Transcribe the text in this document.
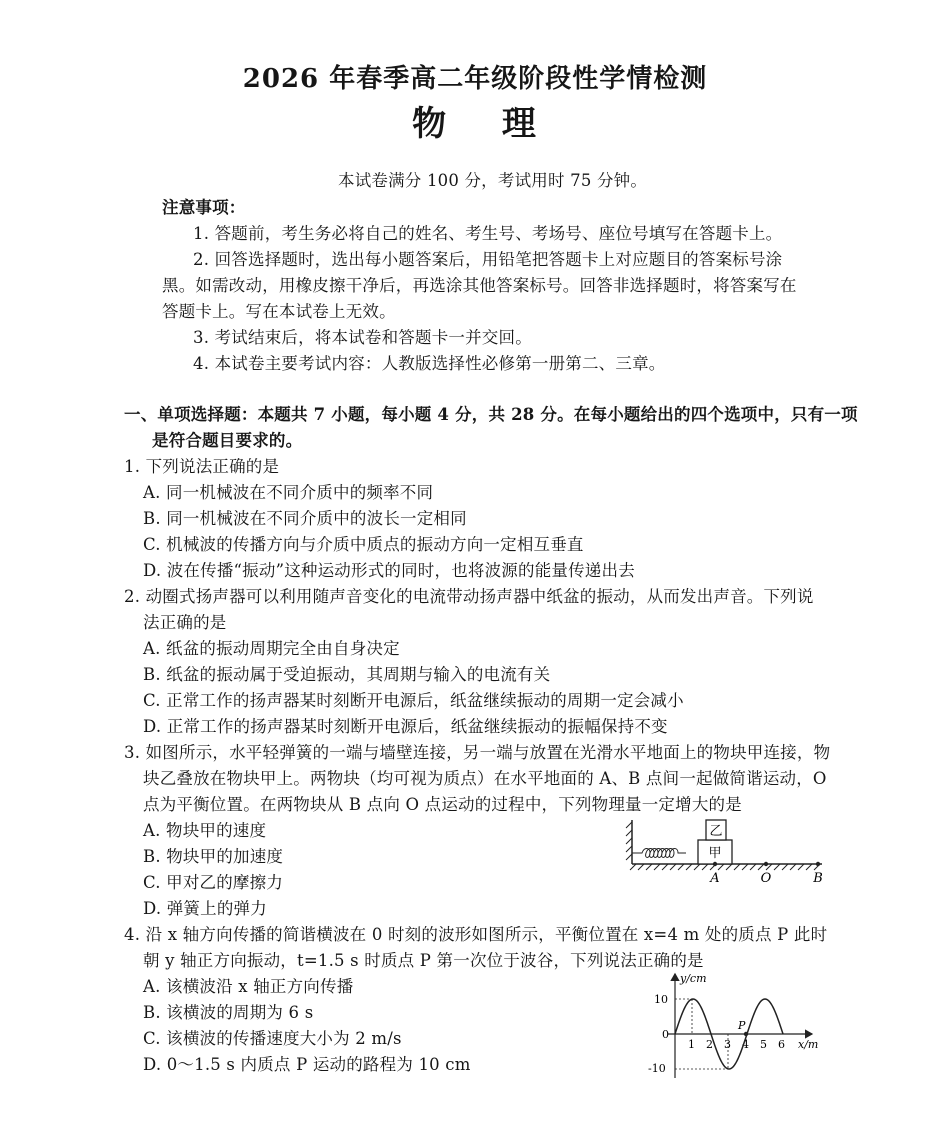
2026 年春季高二年级阶段性学情检测
物 理
本试卷满分 100 分，考试用时 75 分钟。
注意事项：
1. 答题前，考生务必将自己的姓名、考生号、考场号、座位号填写在答题卡上。
2. 回答选择题时，选出每小题答案后，用铅笔把答题卡上对应题目的答案标号涂
黑。如需改动，用橡皮擦干净后，再选涂其他答案标号。回答非选择题时，将答案写在
答题卡上。写在本试卷上无效。
3. 考试结束后，将本试卷和答题卡一并交回。
4. 本试卷主要考试内容：人教版选择性必修第一册第二、三章。
一、单项选择题：本题共 7 小题，每小题 4 分，共 28 分。在每小题给出的四个选项中，只有一项
是符合题目要求的。
1. 下列说法正确的是
A. 同一机械波在不同介质中的频率不同
B. 同一机械波在不同介质中的波长一定相同
C. 机械波的传播方向与介质中质点的振动方向一定相互垂直
D. 波在传播“振动”这种运动形式的同时，也将波源的能量传递出去
2. 动圈式扬声器可以利用随声音变化的电流带动扬声器中纸盆的振动，从而发出声音。下列说
法正确的是
A. 纸盆的振动周期完全由自身决定
B. 纸盆的振动属于受迫振动，其周期与输入的电流有关
C. 正常工作的扬声器某时刻断开电源后，纸盆继续振动的周期一定会减小
D. 正常工作的扬声器某时刻断开电源后，纸盆继续振动的振幅保持不变
3. 如图所示，水平轻弹簧的一端与墙壁连接，另一端与放置在光滑水平地面上的物块甲连接，物
块乙叠放在物块甲上。两物块（均可视为质点）在水平地面的 A、B 点间一起做简谐运动，O
点为平衡位置。在两物块从 B 点向 O 点运动的过程中，下列物理量一定增大的是
A. 物块甲的速度
B. 物块甲的加速度
C. 甲对乙的摩擦力
D. 弹簧上的弹力
甲
乙
A	O	B
4. 沿 x 轴方向传播的简谐横波在 0 时刻的波形如图所示，平衡位置在 x=4 m 处的质点 P 此时
朝 y 轴正方向振动，t=1.5 s 时质点 P 第一次位于波谷，下列说法正确的是
A. 该横波沿 x 轴正方向传播
B. 该横波的周期为 6 s
C. 该横波的传播速度大小为 2 m/s
D. 0～1.5 s 内质点 P 运动的路程为 10 cm
y/cm
x/m
10
0
-10
1 2 3 4 5 6
P
